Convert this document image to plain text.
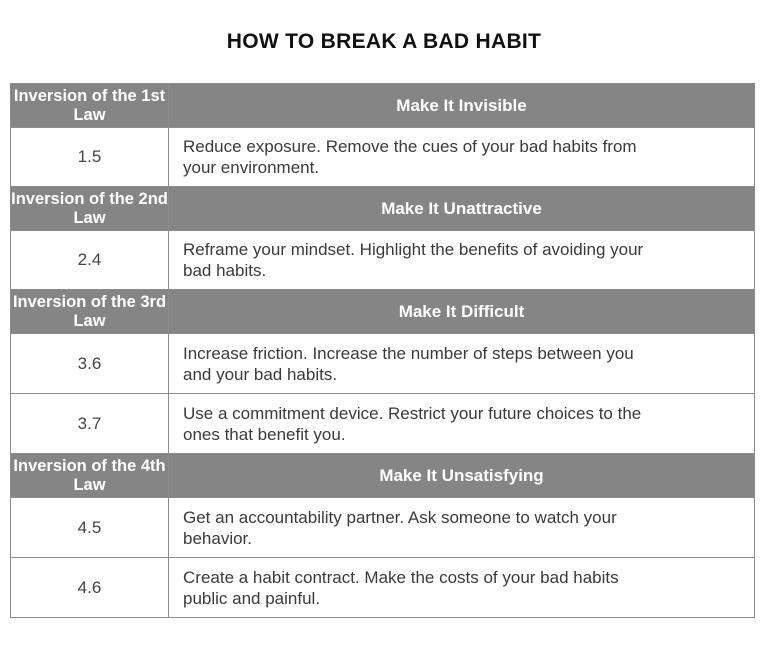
HOW TO BREAK A BAD HABIT
Inversion of the 1st Law	Make It Invisible
1.5	Reduce exposure. Remove the cues of your bad habits from your environment.
Inversion of the 2nd Law	Make It Unattractive
2.4	Reframe your mindset. Highlight the benefits of avoiding your bad habits.
Inversion of the 3rd Law	Make It Difficult
3.6	Increase friction. Increase the number of steps between you and your bad habits.
3.7	Use a commitment device. Restrict your future choices to the ones that benefit you.
Inversion of the 4th Law	Make It Unsatisfying
4.5	Get an accountability partner. Ask someone to watch your behavior.
4.6	Create a habit contract. Make the costs of your bad habits public and painful.
